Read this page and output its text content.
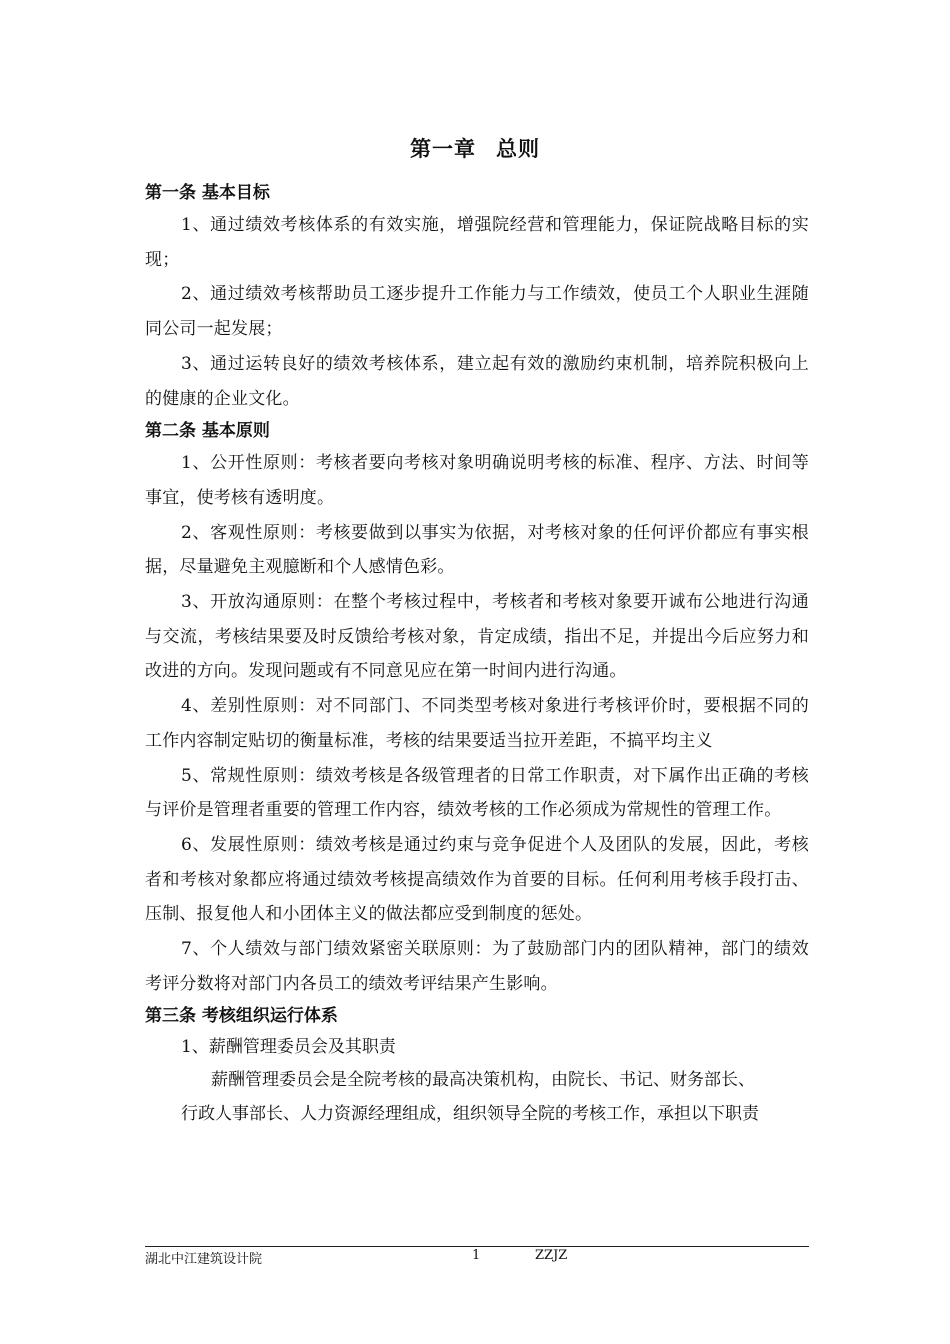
第一章 总则
第一条 基本目标

1、通过绩效考核体系的有效实施，增强院经营和管理能力，保证院战略目标的实现；

2、通过绩效考核帮助员工逐步提升工作能力与工作绩效，使员工个人职业生涯随同公司一起发展；

3、通过运转良好的绩效考核体系，建立起有效的激励约束机制，培养院积极向上的健康的企业文化。

第二条 基本原则

1、公开性原则：考核者要向考核对象明确说明考核的标准、程序、方法、时间等事宜，使考核有透明度。

2、客观性原则：考核要做到以事实为依据，对考核对象的任何评价都应有事实根据，尽量避免主观臆断和个人感情色彩。

3、开放沟通原则：在整个考核过程中，考核者和考核对象要开诚布公地进行沟通与交流，考核结果要及时反馈给考核对象，肯定成绩，指出不足，并提出今后应努力和改进的方向。发现问题或有不同意见应在第一时间内进行沟通。

4、差别性原则：对不同部门、不同类型考核对象进行考核评价时，要根据不同的工作内容制定贴切的衡量标准，考核的结果要适当拉开差距，不搞平均主义

5、常规性原则：绩效考核是各级管理者的日常工作职责，对下属作出正确的考核与评价是管理者重要的管理工作内容，绩效考核的工作必须成为常规性的管理工作。

6、发展性原则：绩效考核是通过约束与竞争促进个人及团队的发展，因此，考核者和考核对象都应将通过绩效考核提高绩效作为首要的目标。任何利用考核手段打击、压制、报复他人和小团体主义的做法都应受到制度的惩处。

7、个人绩效与部门绩效紧密关联原则：为了鼓励部门内的团队精神，部门的绩效考评分数将对部门内各员工的绩效考评结果产生影响。

第三条 考核组织运行体系

1、薪酬管理委员会及其职责

薪酬管理委员会是全院考核的最高决策机构，由院长、书记、财务部长、

行政人事部长、人力资源经理组成，组织领导全院的考核工作，承担以下职责

湖北中江建筑设计院	1	ZZJZ
